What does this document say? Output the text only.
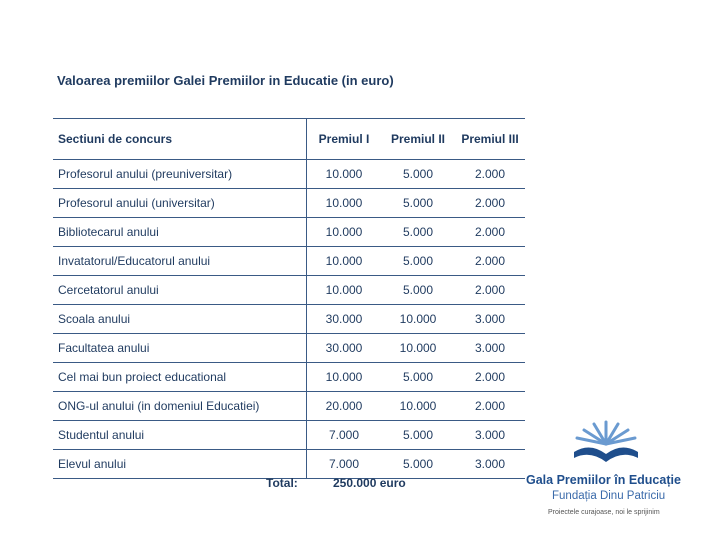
Valoarea premiilor Galei Premiilor in Educatie (in euro)
Sectiuni de concurs	Premiul I	Premiul II	Premiul III
Profesorul anului (preuniversitar)	10.000	5.000	2.000
Profesorul anului (universitar)	10.000	5.000	2.000
Bibliotecarul anului	10.000	5.000	2.000
Invatatorul/Educatorul anului	10.000	5.000	2.000
Cercetatorul anului	10.000	5.000	2.000
Scoala anului	30.000	10.000	3.000
Facultatea anului	30.000	10.000	3.000
Cel mai bun proiect educational	10.000	5.000	2.000
ONG-ul anului (in domeniul Educatiei)	20.000	10.000	2.000
Studentul anului	7.000	5.000	3.000
Elevul anului	7.000	5.000	3.000
Total:	250.000 euro	Gala Premiilor în Educație
Fundația Dinu Patriciu
Proiectele curajoase, noi le sprijinim
